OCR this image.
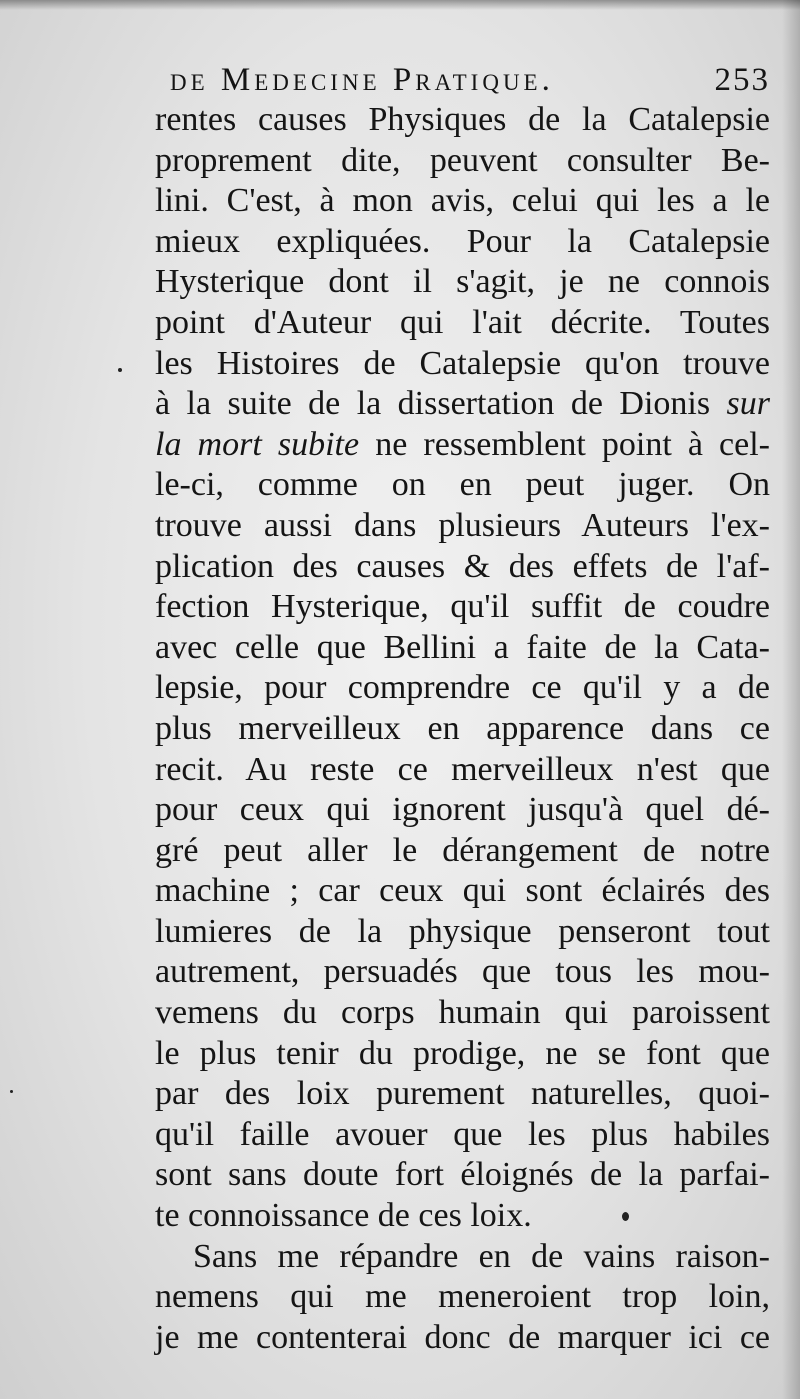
de Medecine Pratique.	253
rentes causes Physiques de la Catalepsie
proprement dite, peuvent consulter Be-
lini. C'est, à mon avis, celui qui les a le
mieux expliquées. Pour la Catalepsie
Hysterique dont il s'agit, je ne connois
point d'Auteur qui l'ait décrite. Toutes
les Histoires de Catalepsie qu'on trouve
à la suite de la dissertation de Dionis sur
la mort subite ne ressemblent point à cel-
le-ci, comme on en peut juger. On
trouve aussi dans plusieurs Auteurs l'ex-
plication des causes & des effets de l'af-
fection Hysterique, qu'il suffit de coudre
avec celle que Bellini a faite de la Cata-
lepsie, pour comprendre ce qu'il y a de
plus merveilleux en apparence dans ce
recit. Au reste ce merveilleux n'est que
pour ceux qui ignorent jusqu'à quel dé-
gré peut aller le dérangement de notre
machine ; car ceux qui sont éclairés des
lumieres de la physique penseront tout
autrement, persuadés que tous les mou-
vemens du corps humain qui paroissent
le plus tenir du prodige, ne se font que
par des loix purement naturelles, quoi-
qu'il faille avouer que les plus habiles
sont sans doute fort éloignés de la parfai-
te connoissance de ces loix.
Sans me répandre en de vains raison-
nemens qui me meneroient trop loin,
je me contenterai donc de marquer ici ce
